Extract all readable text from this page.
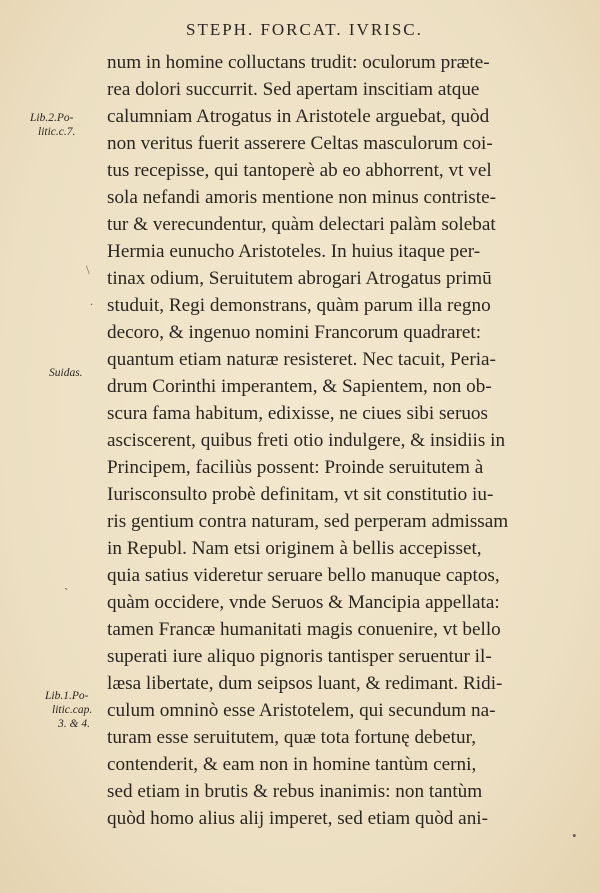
STEPH. FORCAT. IVRISC.
num in homine colluctans trudit: oculorum præte-
rea dolori succurrit. Sed apertam inscitiam atque
calumniam Atrogatus in Aristotele arguebat, quòd
non veritus fuerit asserere Celtas masculorum coi-
tus recepisse, qui tantoperè ab eo abhorrent, vt vel
sola nefandi amoris mentione non minus contriste-
tur & verecundentur, quàm delectari palàm solebat
Hermia eunucho Aristoteles. In huius itaque per-
tinax odium, Seruitutem abrogari Atrogatus primū
studuit, Regi demonstrans, quàm parum illa regno
decoro, & ingenuo nomini Francorum quadraret:
quantum etiam naturæ resisteret. Nec tacuit, Peria-
drum Corinthi imperantem, & Sapientem, non ob-
scura fama habitum, edixisse, ne ciues sibi seruos
asciscerent, quibus freti otio indulgere, & insidiis in
Principem, faciliùs possent: Proinde seruitutem à
Iurisconsulto probè definitam, vt sit constitutio iu-
ris gentium contra naturam, sed perperam admissam
in Republ. Nam etsi originem à bellis accepisset,
quia satius videretur seruare bello manuque captos,
quàm occidere, vnde Seruos & Mancipia appellata:
tamen Francæ humanitati magis conuenire, vt bello
superati iure aliquo pignoris tantisper seruentur il-
læsa libertate, dum seipsos luant, & redimant. Ridi-
culum omninò esse Aristotelem, qui secundum na-
turam esse seruitutem, quæ tota fortunę debetur,
contenderit, & eam non in homine tantùm cerni,
sed etiam in brutis & rebus inanimis: non tantùm
quòd homo alius alij imperet, sed etiam quòd ani-
Lib.2.Po-
litic.c.7.
Suidas.
Lib.1.Po-
litic.cap.
3. & 4.
\
.
ˋ
•
